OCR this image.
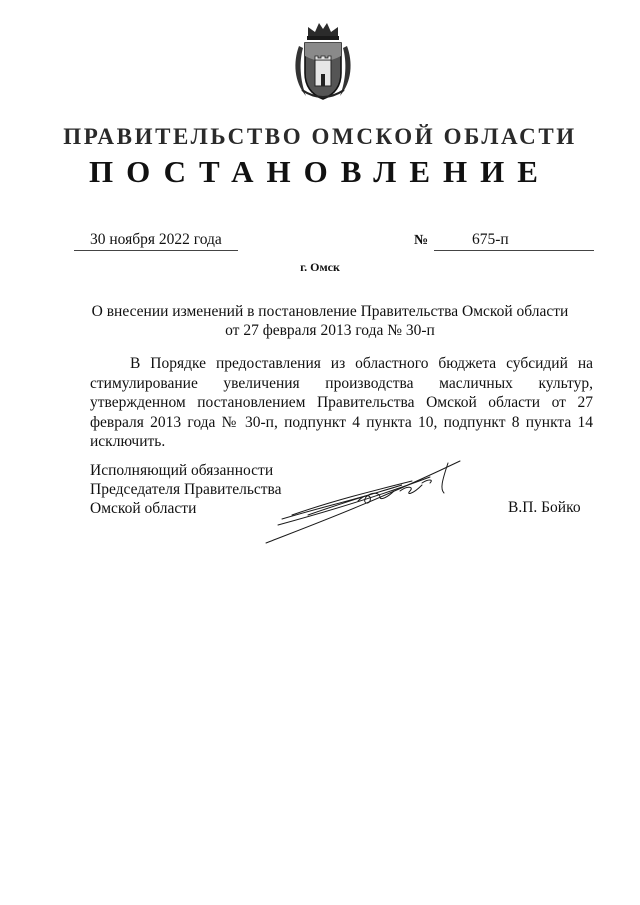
ПРАВИТЕЛЬСТВО ОМСКОЙ ОБЛАСТИ
ПОСТАНОВЛЕНИЕ
30 ноября 2022 года	№	675-п
г. Омск
О внесении изменений в постановление Правительства Омской области
от 27 февраля 2013 года № 30-п
В Порядке предоставления из областного бюджета субсидий на стимулирование увеличения производства масличных культур, утвержденном постановлением Правительства Омской области от 27 февраля 2013 года № 30-п, подпункт 4 пункта 10, подпункт 8 пункта 14 исключить.
Исполняющий обязанности
Председателя Правительства
Омской области	В.П. Бойко
